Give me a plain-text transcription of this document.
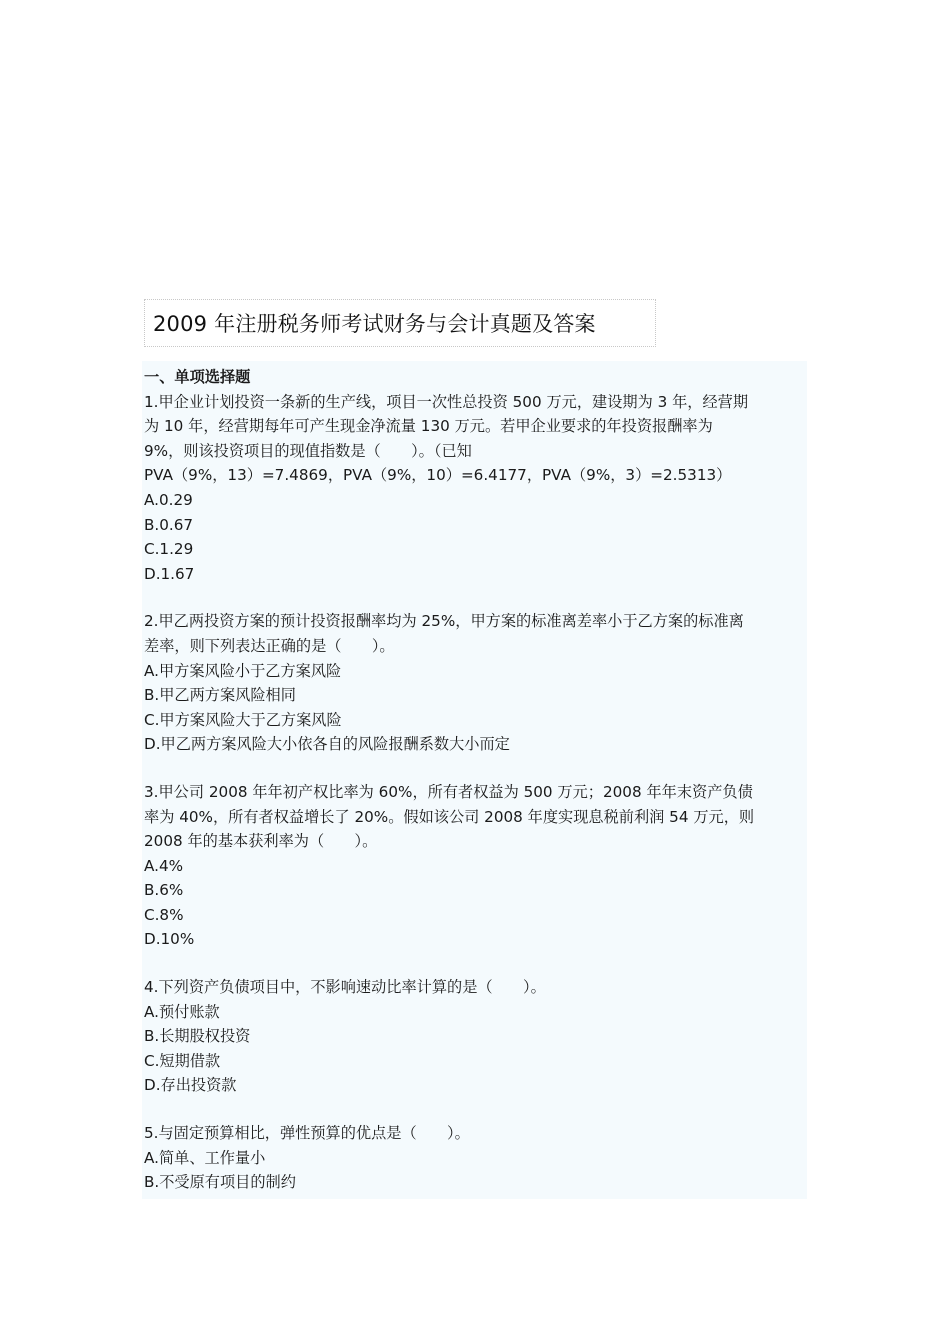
2009 年注册税务师考试财务与会计真题及答案

一、单项选择题

1.甲企业计划投资一条新的生产线，项目一次性总投资 500 万元，建设期为 3 年，经营期
为 10 年，经营期每年可产生现金净流量 130 万元。若甲企业要求的年投资报酬率为
9%，则该投资项目的现值指数是（　　）。（已知
PVA（9%，13）=7.4869，PVA（9%，10）=6.4177，PVA（9%，3）=2.5313）

A.0.29

B.0.67

C.1.29

D.1.67

2.甲乙两投资方案的预计投资报酬率均为 25%，甲方案的标准离差率小于乙方案的标准离
差率，则下列表达正确的是（　　）。

A.甲方案风险小于乙方案风险

B.甲乙两方案风险相同

C.甲方案风险大于乙方案风险

D.甲乙两方案风险大小依各自的风险报酬系数大小而定

3.甲公司 2008 年年初产权比率为 60%，所有者权益为 500 万元；2008 年年末资产负债
率为 40%，所有者权益增长了 20%。假如该公司 2008 年度实现息税前利润 54 万元，则
2008 年的基本获利率为（　　）。

A.4%

B.6%

C.8%

D.10%

4.下列资产负债项目中，不影响速动比率计算的是（　　）。

A.预付账款

B.长期股权投资

C.短期借款

D.存出投资款

5.与固定预算相比，弹性预算的优点是（　　）。

A.简单、工作量小

B.不受原有项目的制约
